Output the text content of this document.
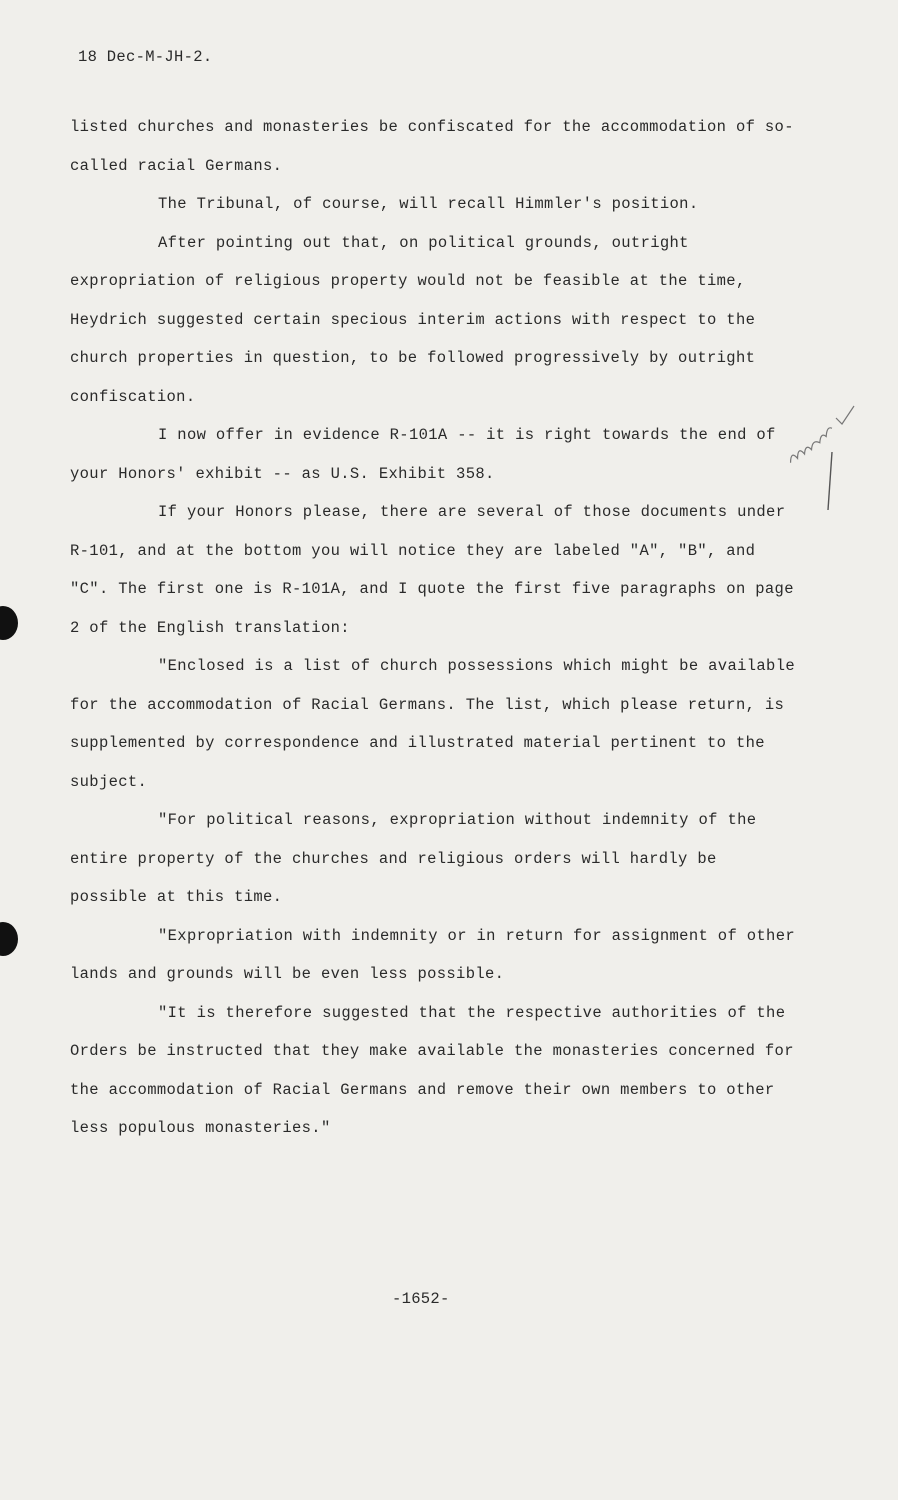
18 Dec-M-JH-2.

listed churches and monasteries be confiscated for the accommodation of so-called racial Germans.

The Tribunal, of course, will recall Himmler's position.

After pointing out that, on political grounds, outright expropriation of religious property would not be feasible at the time, Heydrich suggested certain specious interim actions with respect to the church properties in question, to be followed progressively by outright confiscation.

I now offer in evidence R-101A -- it is right towards the end of your Honors' exhibit -- as U.S. Exhibit 358.

If your Honors please, there are several of those documents under R-101, and at the bottom you will notice they are labeled "A", "B", and "C". The first one is R-101A, and I quote the first five paragraphs on page 2 of the English translation:

"Enclosed is a list of church possessions which might be available for the accommodation of Racial Germans. The list, which please return, is supplemented by correspondence and illustrated material pertinent to the subject.

"For political reasons, expropriation without indemnity of the entire property of the churches and religious orders will hardly be possible at this time.

"Expropriation with indemnity or in return for assignment of other lands and grounds will be even less possible.

"It is therefore suggested that the respective authorities of the Orders be instructed that they make available the monasteries concerned for the accommodation of Racial Germans and remove their own members to other less populous monasteries."

-1652-
